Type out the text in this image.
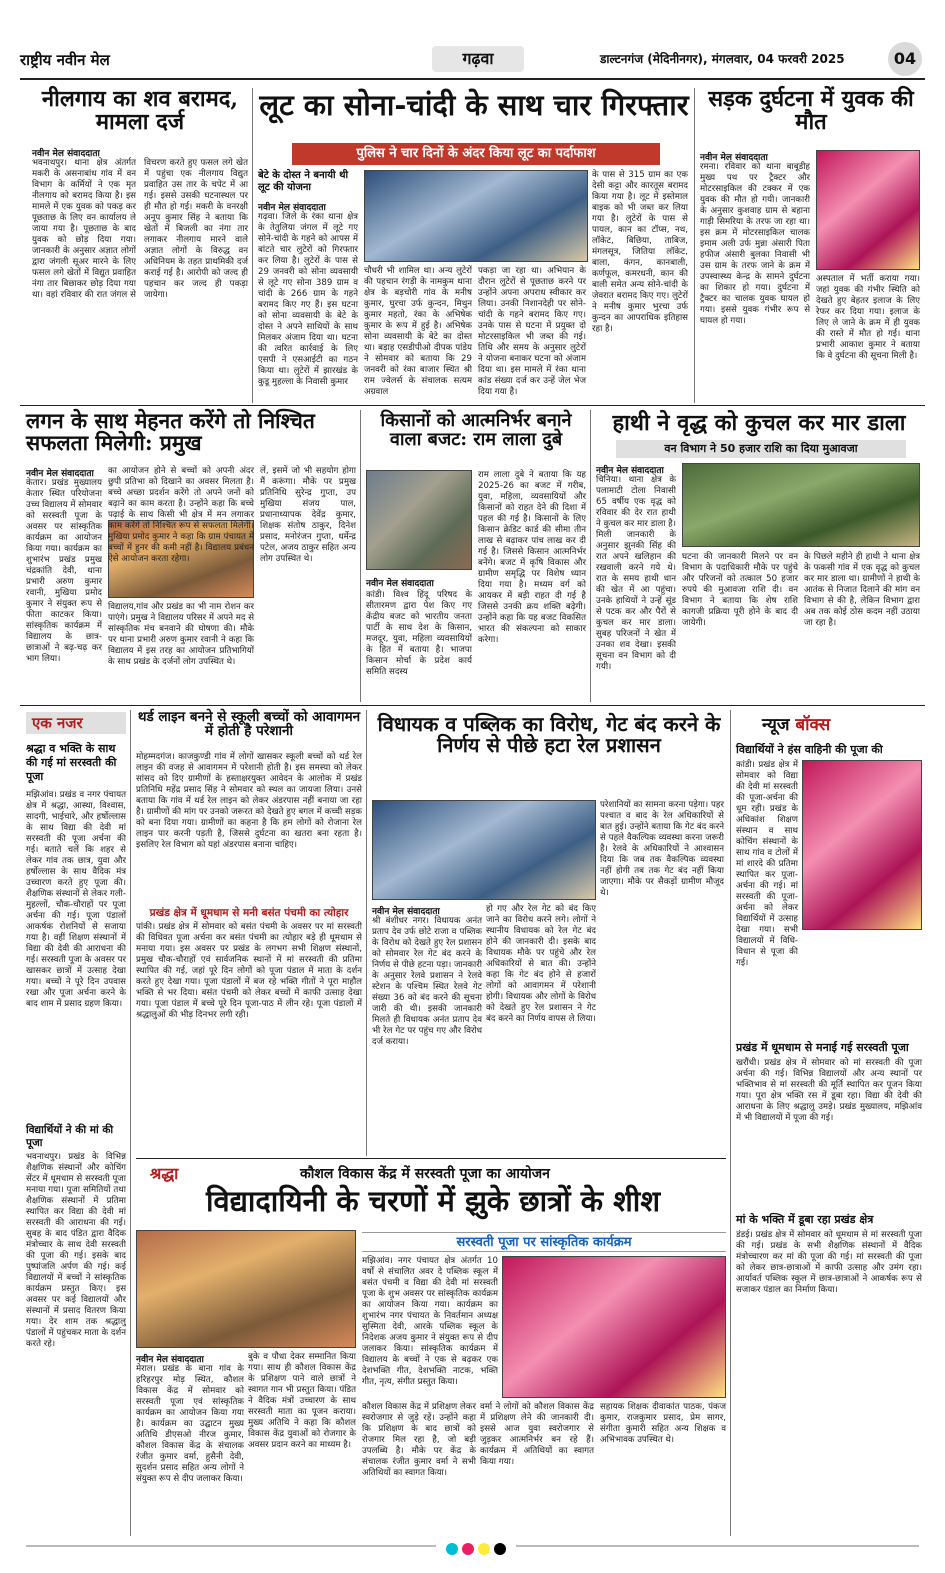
राष्ट्रीय नवीन मेल	गढ़वा	डाल्टनगंज (मेदिनीनगर), मंगलवार, 04 फरवरी 2025	04
नीलगाय का शव बरामद, मामला दर्ज
नवीन मेल संवाददाता
भवनाथपुर। थाना क्षेत्र अंतर्गत मकरी के असनाबांध गांव में वन विभाग के कर्मियों ने एक मृत नीलगाय को बरामद किया है। इस मामले में एक युवक को पकड़ कर पूछताछ के लिए वन कार्यालय ले जाया गया है। पूछताछ के बाद युवक को छोड़ दिया गया। जानकारी के अनुसार अज्ञात लोगों द्वारा जंगली सूअर मारने के लिए फसल लगे खेतों में विद्युत प्रवाहित नंगा तार बिछाकर छोड़ दिया गया था। वहां रविवार की रात जंगल से विचरण करते हुए फसल लगे खेत में पहुंचा एक नीलगाय विद्युत प्रवाहित उस तार के चपेट में आ गई। इससे उसकी घटनास्थल पर ही मौत हो गई। मकरी के वनरक्षी अनूप कुमार सिंह ने बताया कि खेतों में बिजली का नंगा तार लगाकर नीलगाय मारने वाले अज्ञात लोगों के विरुद्ध वन अधिनियम के तहत प्राथमिकी दर्ज कराई गई है। आरोपी को जल्द ही पहचान कर जल्द ही पकड़ा जायेगा।
लूट का सोना-चांदी के साथ चार गिरफ्तार
पुलिस ने चार दिनों के अंदर किया लूट का पर्दाफाश
बेटे के दोस्त ने बनायी थी लूट की योजना
नवीन मेल संवाददाता
गढ़वा। जिले के रंका थाना क्षेत्र के तेतुलिया जंगल में लूटे गए सोने-चांदी के गहने को आपस में बांटते चार लुटेरों को गिरफ्तार कर लिया है। लुटेरों के पास से 29 जनवरी को सोना व्यवसायी से लूटे गए सोना 389 ग्राम व चांदी के 266 ग्राम के गहने बरामद किए गए हैं। इस घटना को सोना व्यवसायी के बेटे के दोस्त ने अपने साथियों के साथ मिलकर अंजाम दिया था। घटना की त्वरित कार्रवाई के लिए एसपी ने एसआईटी का गठन किया था। लुटेरों में झारखंड के कुडू मुहल्ला के निवासी कुमार
चौधरी भी शामिल था। अन्य लुटेरों की पहचान रंगड़ी के नामकुम थाना क्षेत्र के बड़चोरी गांव के मनीष कुमार, घुरचा उर्फ कुन्दन, मिथुन कुमार महतो, रंका के अभिषेक कुमार के रूप में हुई है। अभिषेक सोना व्यवसायी के बेटे का दोस्त था। बड़ाह एसडीपीओ दीपक पांडेय ने सोमवार को बताया कि 29 जनवरी को रंका बाजार स्थित श्री राम ज्वेलर्स के संचालक सत्यम अग्रवाल
पकड़ा जा रहा था। अभियान के दौरान लुटेरों से पूछताछ करने पर उन्होंने अपना अपराध स्वीकार कर लिया। उनकी निशानदेही पर सोने-चांदी के गहने बरामद किए गए। उनके पास से घटना में प्रयुक्त दो मोटरसाइकिल भी जब्त की गई। तिथि और समय के अनुसार लुटेरों ने योजना बनाकर घटना को अंजाम दिया था। इस मामले में रंका थाना कांड संख्या दर्ज कर उन्हें जेल भेज दिया गया है।
के पास से 315 ग्राम का एक देसी कट्टा और कारतूस बरामद किया गया है। लूट में इस्तेमाल बाइक को भी जब्त कर लिया गया है। लुटेरों के पास से पायल, कान का टॉप्स, नथ, लॉकेट, बिछिया, ताबिज, मंगलसूत्र, जितिया लॉकेट, बाला, कंगन, कानबाली, कर्णफूल, कमरधनी, कान की बाली समेत अन्य सोने-चांदी के जेवरात बरामद किए गए। लुटेरों ने मनीष कुमार भुरचा उर्फ कुन्दन का आपराधिक इतिहास रहा है।
सड़क दुर्घटना में युवक की मौत
नवीन मेल संवाददाता
रमना। रविवार को थाना बाबूडीह मुख्य पथ पर ट्रैक्टर और मोटरसाइकिल की टक्कर में एक युवक की मौत हो गयी। जानकारी के अनुसार कुशवाह ग्राम से बहाना गाड़ी सिमरिया के तरफ जा रहा था। इस क्रम में मोटरसाइकिल चालक इमाम अली उर्फ मुन्ना अंसारी पिता हफीज अंसारी बुलका निवासी भी उस ग्राम के तरफ जाने के क्रम में उपस्वास्थ्य केन्द्र के सामने दुर्घटना का शिकार हो गया। दुर्घटना में ट्रैक्टर का चालक युवक घायल हो गया। इससे युवक गंभीर रूप से घायल हो गया।
अस्पताल में भर्ती कराया गया। जहां युवक की गंभीर स्थिति को देखते हुए बेहतर इलाज के लिए रेफर कर दिया गया। इलाज के लिए ले जाने के क्रम में ही युवक की रास्ते में मौत हो गई। थाना प्रभारी आकाश कुमार ने बताया कि वे दुर्घटना की सूचना मिली है।
लगन के साथ मेहनत करेंगे तो निश्चित सफलता मिलेगी: प्रमुख
नवीन मेल संवाददाता
केतार। प्रखंड मुख्यालय केतार स्थित परियोजना उच्च विद्यालय में सोमवार को सरस्वती पूजा के अवसर पर सांस्कृतिक कार्यक्रम का आयोजन किया गया। कार्यक्रम का शुभारंभ प्रखंड प्रमुख चंद्रकांति देवी, थाना प्रभारी अरुण कुमार रवानी, मुखिया प्रमोद कुमार ने संयुक्त रूप से फीता काटकर किया। सांस्कृतिक कार्यक्रम में विद्यालय के छात्र-छात्राओं ने बढ़-चढ़ कर भाग लिया।
का आयोजन होने से बच्चों को अपनी अंदर छुपी प्रतिभा को दिखाने का अवसर मिलता है। बच्चे अच्छा प्रदर्शन करेंगे तो अपने जनों को बढ़ाने का काम करता है। उन्होंने कहा कि बच्चे पढ़ाई के साथ किसी भी क्षेत्र में मन लगाकर काम करेंगे तो निश्चित रूप से सफलता मिलेगी। मुखिया प्रमोद कुमार ने कहा कि ग्राम पंचायत में बच्चों में हुनर की कमी नहीं है। विद्यालय प्रबंधन ऐसे आयोजन करता रहेगा।
विद्यालय,गांव और प्रखंड का भी नाम रोशन कर पाएंगे। प्रमुख ने विद्यालय परिसर में अपने मद से सांस्कृतिक मंच बनवाने की घोषणा की। मौके पर थाना प्रभारी अरुण कुमार रवानी ने कहा कि विद्यालय में इस तरह का आयोजन प्रतिभागियों के साथ प्रखंड के दर्जनों लोग उपस्थित थे।
लें, इसमें जो भी सहयोग होगा मैं करूंगा। मौके पर प्रमुख प्रतिनिधि सुरेन्द्र गुप्ता, उप मुखिया संजय पाल, प्रधानाध्यापक देवेंद्र कुमार, शिक्षक संतोष ठाकुर, दिनेश प्रसाद, मनोरंजन गुप्ता, धर्मेन्द्र पटेल, अजय ठाकुर सहित अन्य लोग उपस्थित थे।
किसानों को आत्मनिर्भर बनाने वाला बजट: राम लाला दुबे
नवीन मेल संवाददाता
कांडी। विश्व हिंदू परिषद के सीतारमण द्वारा पेश किए गए केंद्रीय बजट को भारतीय जनता पार्टी के साथ देश के किसान, मजदूर, युवा, महिला व्यवसायियों के हित में बताया है। भाजपा किसान मोर्चा के प्रदेश कार्य समिति सदस्य
राम लाला दुबे ने बताया कि यह 2025-26 का बजट में गरीब, युवा, महिला, व्यवसायियों और किसानों को राहत देने की दिशा में पहल की गई है। किसानों के लिए किसान क्रेडिट कार्ड की सीमा तीन लाख से बढ़ाकर पांच लाख कर दी गई है। जिससे किसान आत्मनिर्भर बनेंगे। बजट में कृषि विकास और ग्रामीण समृद्धि पर विशेष ध्यान दिया गया है। मध्यम वर्ग को आयकर में बड़ी राहत दी गई है जिससे उनकी क्रय शक्ति बढ़ेगी। उन्होंने कहा कि यह बजट विकसित भारत की संकल्पना को साकार करेगा।
हाथी ने वृद्ध को कुचल कर मार डाला
वन विभाग ने 50 हजार राशि का दिया मुआवजा
नवीन मेल संवाददाता
चिनिया। थाना क्षेत्र के पलामाटी टोला निवासी 65 वर्षीय एक वृद्ध को रविवार की देर रात हाथी ने कुचल कर मार डाला है। मिली जानकारी के अनुसार झुनकी सिंह की रात अपने खलिहान की रखवाली करने गये थे। रात के समय हाथी धान की खेत में आ पहुंचा। उनके हाथियों ने उन्हें सूंड से पटक कर और पैरों से कुचल कर मार डाला। सुबह परिजनों ने खेत में उनका शव देखा। इसकी सूचना वन विभाग को दी गयी।
घटना की जानकारी मिलने पर वन विभाग के पदाधिकारी मौके पर पहुंचे और परिजनों को तत्काल 50 हजार रुपये की मुआवजा राशि दी। वन विभाग ने बताया कि शेष राशि कागजी प्रक्रिया पूरी होने के बाद दी जायेगी।
के पिछले महीने ही हाथी ने थाना क्षेत्र के फकसी गांव में एक वृद्ध को कुचल कर मार डाला था। ग्रामीणों ने हाथी के आतंक से निजात दिलाने की मांग वन विभाग से की है, लेकिन विभाग द्वारा अब तक कोई ठोस कदम नहीं उठाया जा रहा है।
एक नजर
श्रद्धा व भक्ति के साथ की गई मां सरस्वती की पूजा
मझिआंव। प्रखंड व नगर पंचायत क्षेत्र में श्रद्धा, आस्था, विश्वास, सादगी, भाईचारे, और हर्षोल्लास के साथ विद्या की देवी मां सरस्वती की पूजा अर्चना की गई। बताते चलें कि शहर से लेकर गांव तक छात्र, युवा और हर्षोल्लास के साथ वैदिक मंत्र उच्चारण करते हुए पूजा की। शैक्षणिक संस्थानों से लेकर गली-मुहल्लों, चौक-चौराहों पर पूजा अर्चना की गई। पूजा पंडालों आकर्षक रोशनियों से सजाया गया है। वहीं शिक्षण संस्थानों में विद्या की देवी की आराधना की गई। सरस्वती पूजा के अवसर पर खासकर छात्रों में उत्साह देखा गया। बच्चों ने पूरे दिन उपवास रखा और पूजा अर्चना करने के बाद शाम में प्रसाद ग्रहण किया।
विद्यार्थियों ने की मां की पूजा
भवनाथपुर। प्रखंड के विभिन्न शैक्षणिक संस्थानों और कोचिंग सेंटर में धूमधाम से सरस्वती पूजा मनाया गया। पूजा समितियों तथा शैक्षणिक संस्थानों में प्रतिमा स्थापित कर विद्या की देवी मां सरस्वती की आराधना की गई। सुबह के बाद पंडित द्वारा वैदिक मंत्रोच्चार के साथ देवी सरस्वती की पूजा की गई। इसके बाद पुष्पांजलि अर्पण की गई। कई विद्यालयों में बच्चों ने सांस्कृतिक कार्यक्रम प्रस्तुत किए। इस अवसर पर कई विद्यालयों और संस्थानों में प्रसाद वितरण किया गया। देर शाम तक श्रद्धालु पंडालों में पहुंचकर माता के दर्शन करते रहे।
थर्ड लाइन बनने से स्कूली बच्चों को आवागमन में होती है परेशानी
मोहम्मदगंज। काजकुण्डी गांव में लोगों खासकर स्कूली बच्चों को थर्ड रेल लाइन की वजह से आवागमन में परेशानी होती है। इस समस्या को लेकर सांसद को दिए ग्रामीणों के हस्ताक्षरयुक्त आवेदन के आलोक में प्रखंड प्रतिनिधि महेंद्र प्रसाद सिंह ने सोमवार को स्थल का जायजा लिया। उनसे बताया कि गांव में थर्ड रेल लाइन को लेकर अंडरपास नहीं बनाया जा रहा है। ग्रामीणों की मांग पर उनको जरूरत को देखते हुए बगल में कच्ची सड़क को बना दिया गया। ग्रामीणों का कहना है कि हम लोगों को रोजाना रेल लाइन पार करनी पड़ती है, जिससे दुर्घटना का खतरा बना रहता है। इसलिए रेल विभाग को यहां अंडरपास बनाना चाहिए।
प्रखंड क्षेत्र में धूमधाम से मनी बसंत पंचमी का त्योहार
पांकी। प्रखंड क्षेत्र में सोमवार को बसंत पंचमी के अवसर पर मां सरस्वती की विधिवत पूजा अर्चना कर बसंत पंचमी का त्योहार बड़े ही धूमधाम से मनाया गया। इस अवसर पर प्रखंड के लगभग सभी शिक्षण संस्थानों, प्रमुख चौक-चौराहों एवं सार्वजनिक स्थानों में मां सरस्वती की प्रतिमा स्थापित की गई, जहां पूरे दिन लोगों को पूजा पंडाल में माता के दर्शन करते हुए देखा गया। पूजा पंडालों में बज रहे भक्ति गीतों ने पूरा माहौल भक्ति से भर दिया। बसंत पंचमी को लेकर बच्चों में काफी उत्साह देखा गया। पूजा पंडाल में बच्चे पूरे दिन पूजा-पाठ में लीन रहे। पूजा पंडालों में श्रद्धालुओं की भीड़ दिनभर लगी रही।
विधायक व पब्लिक का विरोध, गेट बंद करने के निर्णय से पीछे हटा रेल प्रशासन
नवीन मेल संवाददाता
श्री बंशीधर नगर। विधायक अनंत प्रताप देव उर्फ छोटे राजा व पब्लिक के विरोध को देखते हुए रेल प्रशासन को सोमवार रेल गेट बंद करने के निर्णय से पीछे हटना पड़ा। जानकारी के अनुसार रेलवे प्रशासन ने रेलवे स्टेशन के पश्चिम स्थित रेलवे गेट संख्या 36 को बंद करने की सूचना जारी की थी। इसकी जानकारी मिलते ही विधायक अनंत प्रताप देव भी रेल गेट पर पहुंच गए और विरोध दर्ज कराया।
हो गए और रेल गेट को बंद किए जाने का विरोध करने लगे। लोगों ने स्थानीय विधायक को रेल गेट बंद होने की जानकारी दी। इसके बाद विधायक मौके पर पहुंचे और रेल अधिकारियों से बात की। उन्होंने कहा कि गेट बंद होने से हजारों लोगों को आवागमन में परेशानी होगी। विधायक और लोगों के विरोध को देखते हुए रेल प्रशासन ने गेट बंद करने का निर्णय वापस ले लिया।
परेशानियों का सामना करना पड़ेगा। पहर पश्चात व बाद के रेल अधिकारियों से बात हुई। उन्होंने बताया कि गेट बंद करने से पहले वैकल्पिक व्यवस्था करना जरूरी है। रेलवे के अधिकारियों ने आश्वासन दिया कि जब तक वैकल्पिक व्यवस्था नहीं होगी तब तक गेट बंद नहीं किया जाएगा। मौके पर सैकड़ों ग्रामीण मौजूद थे।
न्यूज बॉक्स
विद्यार्थियों ने हंस वाहिनी की पूजा की
कांडी। प्रखंड क्षेत्र में सोमवार को विद्या की देवी मां सरस्वती की पूजा-अर्चना की धूम रही। प्रखंड के अधिकांश शिक्षण संस्थान व साथ कोचिंग संस्थानों के साथ गांव व टोलों में मां शारदे की प्रतिमा स्थापित कर पूजा-अर्चना की गई। मां सरस्वती की पूजा-अर्चना को लेकर विद्यार्थियों में उत्साह देखा गया। सभी विद्यालयों में विधि-विधान से पूजा की गई।
प्रखंड में धूमधाम से मनाई गई सरस्वती पूजा
खरौंधी। प्रखंड क्षेत्र में सोमवार को मां सरस्वती की पूजा अर्चना की गई। विभिन्न विद्यालयों और अन्य स्थानों पर भक्तिभाव से मां सरस्वती की मूर्ति स्थापित कर पूजन किया गया। पूरा क्षेत्र भक्ति रस में डूबा रहा। विद्या की देवी की आराधना के लिए श्रद्धालु उमड़े। प्रखंड मुख्यालय, मझिआंव में भी विद्यालयों में पूजा की गई।
मां के भक्ति में डूबा रहा प्रखंड क्षेत्र
डंडई। प्रखंड क्षेत्र में सोमवार को धूमधाम से मां सरस्वती पूजा की गई। प्रखंड के सभी शैक्षणिक संस्थानों में वैदिक मंत्रोच्चारण कर मां की पूजा की गई। मां सरस्वती की पूजा को लेकर छात्र-छात्राओं में काफी उत्साह और उमंग रहा। आर्यावर्त पब्लिक स्कूल में छात्र-छात्राओं ने आकर्षक रूप से सजाकर पंडाल का निर्माण किया।
श्रद्धा	कौशल विकास केंद्र में सरस्वती पूजा का आयोजन
विद्यादायिनी के चरणों में झुके छात्रों के शीश
नवीन मेल संवाददाता
मेराल। प्रखंड के बाना गांव के हरिहरपुर मोड़ स्थित, कौशल विकास केंद्र में सोमवार को सरस्वती पूजा एवं सांस्कृतिक कार्यक्रम का आयोजन किया गया है। कार्यक्रम का उद्घाटन मुख्य अतिथि डीएसओ नीरज कुमार, कौशल विकास केंद्र के संचालक रंजीत कुमार वर्मा, हुसैनी देवी, सुदर्शन प्रसाद सहित अन्य लोगों ने संयुक्त रूप से दीप जलाकर किया।
बुके व पौधा देकर सम्मानित किया गया। साथ ही कौशल विकास केंद्र के प्रशिक्षण पाने वाले छात्रों ने स्वागत गान भी प्रस्तुत किया। पंडित ने वैदिक मंत्रों उच्चारण के साथ सरस्वती माता का पूजन कराया। मुख्य अतिथि ने कहा कि कौशल विकास केंद्र युवाओं को रोजगार के अवसर प्रदान करने का माध्यम है।
कौशल विकास केंद्र में प्रशिक्षण लेकर स्वरोजगार से जुड़े रहें। उन्होंने कहा कि प्रशिक्षण के बाद छात्रों को रोजगार मिल रहा है, जो बड़ी उपलब्धि है। मौके पर केंद्र के संचालक रंजीत कुमार वर्मा ने सभी अतिथियों का स्वागत किया।
सरस्वती पूजा पर सांस्कृतिक कार्यक्रम
मझिआंव। नगर पंचायत क्षेत्र अंतर्गत 10 वर्षों से संचालित अवर दे पब्लिक स्कूल में बसंत पंचमी व विद्या की देवी मां सरस्वती पूजा के शुभ अवसर पर सांस्कृतिक कार्यक्रम का आयोजन किया गया। कार्यक्रम का शुभारंभ नगर पंचायत के निवर्तमान अध्यक्ष सुस्मिता देवी, आरके पब्लिक स्कूल के निदेशक अजय कुमार ने संयुक्त रूप से दीप जलाकर किया। सांस्कृतिक कार्यक्रम में विद्यालय के बच्चों ने एक से बढ़कर एक देशभक्ति गीत, देशभक्ति नाटक, भक्ति गीत, नृत्य, संगीत प्रस्तुत किया।
वर्मा ने लोगों को कौशल विकास केंद्र में प्रशिक्षण लेने की जानकारी दी। इससे आज युवा स्वरोजगार से जुड़कर आत्मनिर्भर बन रहे हैं। कार्यक्रम में अतिथियों का स्वागत किया गया।
सहायक शिक्षक दीवाकांत पाठक, पंकज कुमार, राजकुमार प्रसाद, प्रेम सागर, संगीता कुमारी सहित अन्य शिक्षक व अभिभावक उपस्थित थे।
